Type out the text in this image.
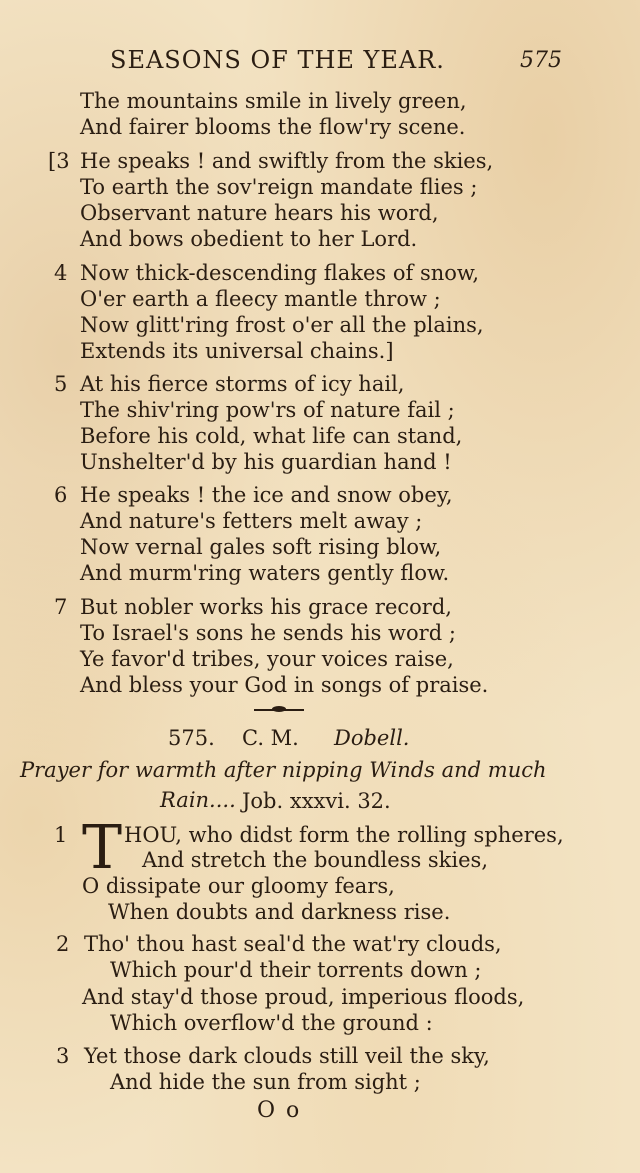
SEASONS OF THE YEAR.	575
The mountains smile in lively green,
And fairer blooms the flow'ry scene.
[3 He speaks ! and swiftly from the skies,
To earth the sov'reign mandate flies ;
Observant nature hears his word,
And bows obedient to her Lord.
4 Now thick-descending flakes of snow,
O'er earth a fleecy mantle throw ;
Now glitt'ring frost o'er all the plains,
Extends its universal chains.]
5 At his fierce storms of icy hail,
The shiv'ring pow'rs of nature fail ;
Before his cold, what life can stand,
Unshelter'd by his guardian hand !
6 He speaks ! the ice and snow obey,
And nature's fetters melt away ;
Now vernal gales soft rising blow,
And murm'ring waters gently flow.
7 But nobler works his grace record,
To Israel's sons he sends his word ;
Ye favor'd tribes, your voices raise,
And bless your God in songs of praise.
575. C. M. Dobell.
Prayer for warmth after nipping Winds and much
Rain.... Job. xxxvi. 32.
1 T HOU, who didst form the rolling spheres,
And stretch the boundless skies,
O dissipate our gloomy fears,
When doubts and darkness rise.
2 Tho' thou hast seal'd the wat'ry clouds,
Which pour'd their torrents down ;
And stay'd those proud, imperious floods,
Which overflow'd the ground :
3 Yet those dark clouds still veil the sky,
And hide the sun from sight ;
O o
